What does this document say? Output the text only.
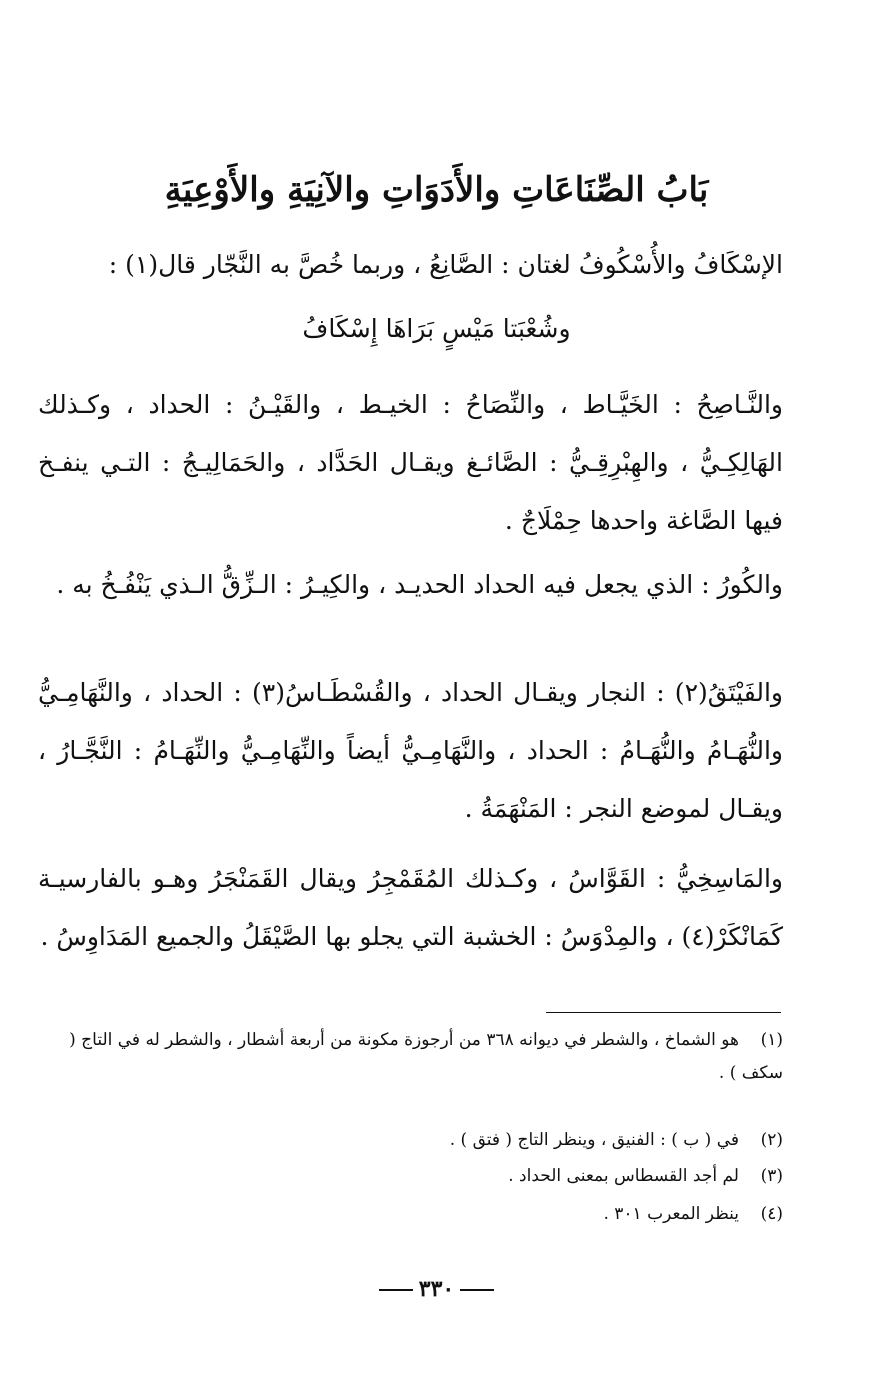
بَابُ الصِّنَاعَاتِ والأَدَوَاتِ والآنِيَةِ والأَوْعِيَةِ
الإسْكَافُ والأُسْكُوفُ لغتان : الصَّانِعُ ، وربما خُصَّ به النَّجّار قال(١) :
وشُعْبَتا مَيْسٍ بَرَاهَا إِسْكَافُ
والنَّـاصِحُ : الخَيَّـاط ، والنِّصَاحُ : الخيـط ، والقَيْـنُ : الحداد ، وكـذلك الهَالِكِـيُّ ، والهِبْرِقِـيُّ : الصَّائـغ ويقـال الحَدَّاد ، والحَمَالِيـجُ : التـي ينفـخ فيها الصَّاغة واحدها حِمْلَاجٌ .
والكُورُ : الذي يجعل فيه الحداد الحديـد ، والكِيـرُ : الـزِّقُّ الـذي يَنْفُـخُ به .
والفَيْتَقُ(٢) : النجار ويقـال الحداد ، والقُسْطَـاسُ(٣) : الحداد ، والنَّهَامِـيُّ والنُّهَـامُ والنُّهَـامُ : الحداد ، والنَّهَامِـيُّ أيضاً والنِّهَامِـيُّ والنِّهَـامُ : النَّجَّـارُ ، ويقـال لموضع النجر : المَنْهَمَةُ .
والمَاسِخِيُّ : القَوَّاسُ ، وكـذلك المُقَمْجِرُ ويقال القَمَنْجَرُ وهـو بالفارسيـة كَمَانْكَرْ(٤) ، والمِدْوَسُ : الخشبة التي يجلو بها الصَّيْقَلُ والجميع المَدَاوِسُ .
(١)هو الشماخ ، والشطر في ديوانه ٣٦٨ من أرجوزة مكونة من أربعة أشطار ، والشطر له في التاج ( سكف ) .
(٢)في ( ب ) : الفنيق ، وينظر التاج ( فتق ) .
(٣)لم أجد القسطاس بمعنى الحداد .
(٤)ينظر المعرب ٣٠١ .
٣٣٠
